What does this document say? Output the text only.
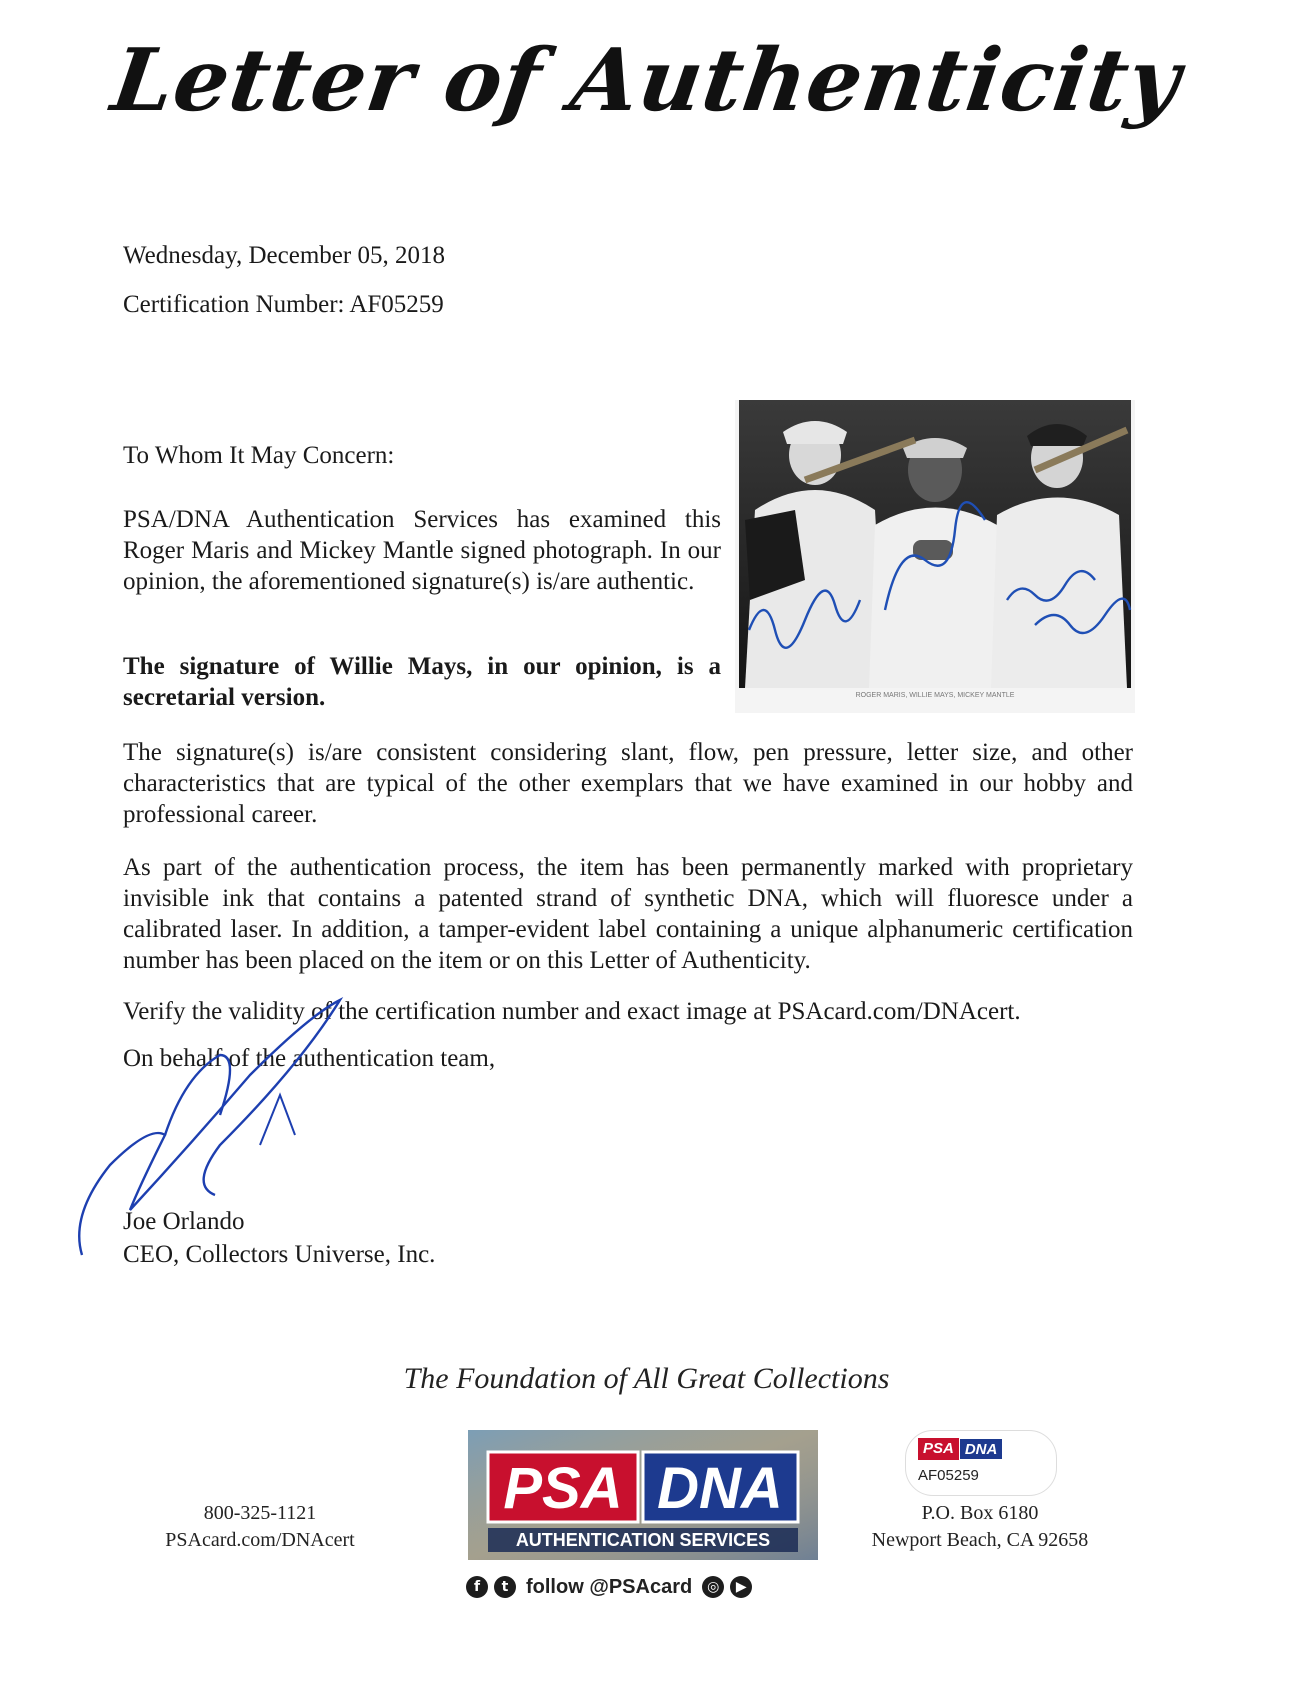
Letter of Authenticity
Wednesday, December 05, 2018
Certification Number: AF05259
ROGER MARIS, WILLIE MAYS, MICKEY MANTLE
To Whom It May Concern:
PSA/DNA Authentication Services has examined this Roger Maris and Mickey Mantle signed photograph. In our opinion, the aforementioned signature(s) is/are authentic.
The signature of Willie Mays, in our opinion, is a secretarial version.
The signature(s) is/are consistent considering slant, flow, pen pressure, letter size, and other characteristics that are typical of the other exemplars that we have examined in our hobby and professional career.
As part of the authentication process, the item has been permanently marked with proprietary invisible ink that contains a patented strand of synthetic DNA, which will fluoresce under a calibrated laser. In addition, a tamper-evident label containing a unique alphanumeric certification number has been placed on the item or on this Letter of Authenticity.
Verify the validity of the certification number and exact image at PSAcard.com/DNAcert.
On behalf of the authentication team,
Joe Orlando
CEO, Collectors Universe, Inc.
The Foundation of All Great Collections
800-325-1121
PSAcard.com/DNAcert
PSA DNA
AUTHENTICATION SERVICES
f	t follow @PSAcard	◎	▶
PSA DNA
AF05259
P.O. Box 6180
Newport Beach, CA 92658
